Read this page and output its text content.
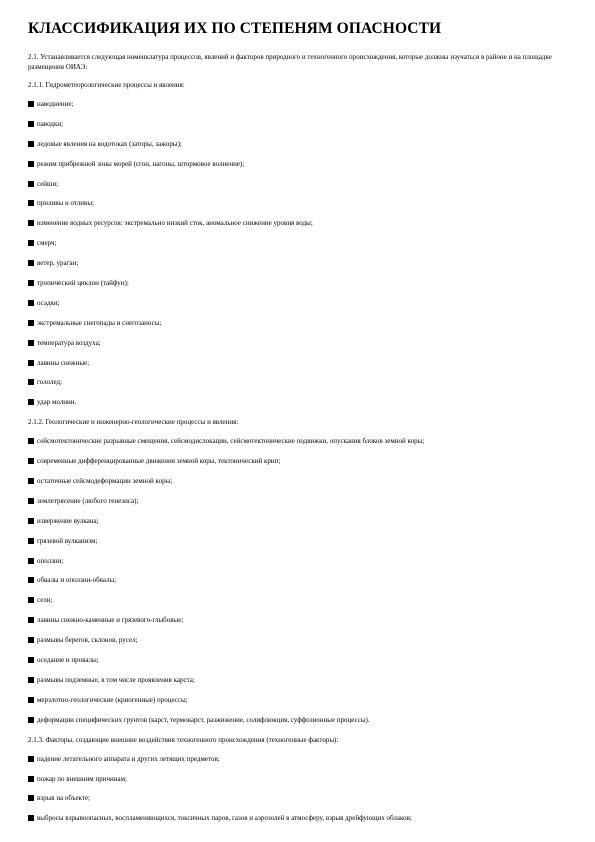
КЛАССИФИКАЦИЯ ИХ ПО СТЕПЕНЯМ ОПАСНОСТИ

2.1. Устанавливается следующая номенклатура процессов, явлений и факторов природного и техногенного происхождения, которые должны изучаться в районе и на площадке размещения ОИАЭ:

2.1.1. Гидрометеорологические процессы и явления:

наводнение;
паводки;
ледовые явления на водотоках (заторы, зажоры);
режим прибрежной зоны морей (сгон, нагоны, штормовое волнение);
сейши;
приливы и отливы;
изменение водных ресурсов: экстремально низкий сток, аномальное снижение уровня воды;
смерч;
ветер, ураган;
тропический циклон (тайфун);
осадки;
экстремальные снегопады и снегозаносы;
температура воздуха;
лавины снежные;
гололед;
удар молнии.

2.1.2. Геологические и инженерно-геологические процессы и явления:

сейсмотектонические разрывные смещения, сейсмодислокации, сейсмотектонические подвижки, опускания блоков земной коры;
современные дифференцированные движения земной коры, тектонический крип;
остаточные сейсмодеформации земной коры;
землетрясение (любого генезиса);
извержение вулкана;
грязевой вулканизм;
оползни;
обвалы и оползни-обвалы;
сели;
лавины снежно-каменные и грязевого-глыбовые;
размывы берегов, склонов, русел;
оседание и провалы;
размывы подземные, в том числе проявления карста;
мерзлотно-геологические (криогенные) процессы;
деформации специфических грунтов (карст, термокарст, разжижение, солифлюкция, суффозионные процессы).

2.1.3. Факторы, создающие внешние воздействия техногенного происхождения (техногенные факторы):

падение летательного аппарата и других летящих предметов;
пожар по внешним причинам;
взрыв на объекте;
выбросы взрывоопасных, воспламеняющихся, токсичных паров, газов и аэрозолей в атмосферу, взрыв дрейфующих облаков;
